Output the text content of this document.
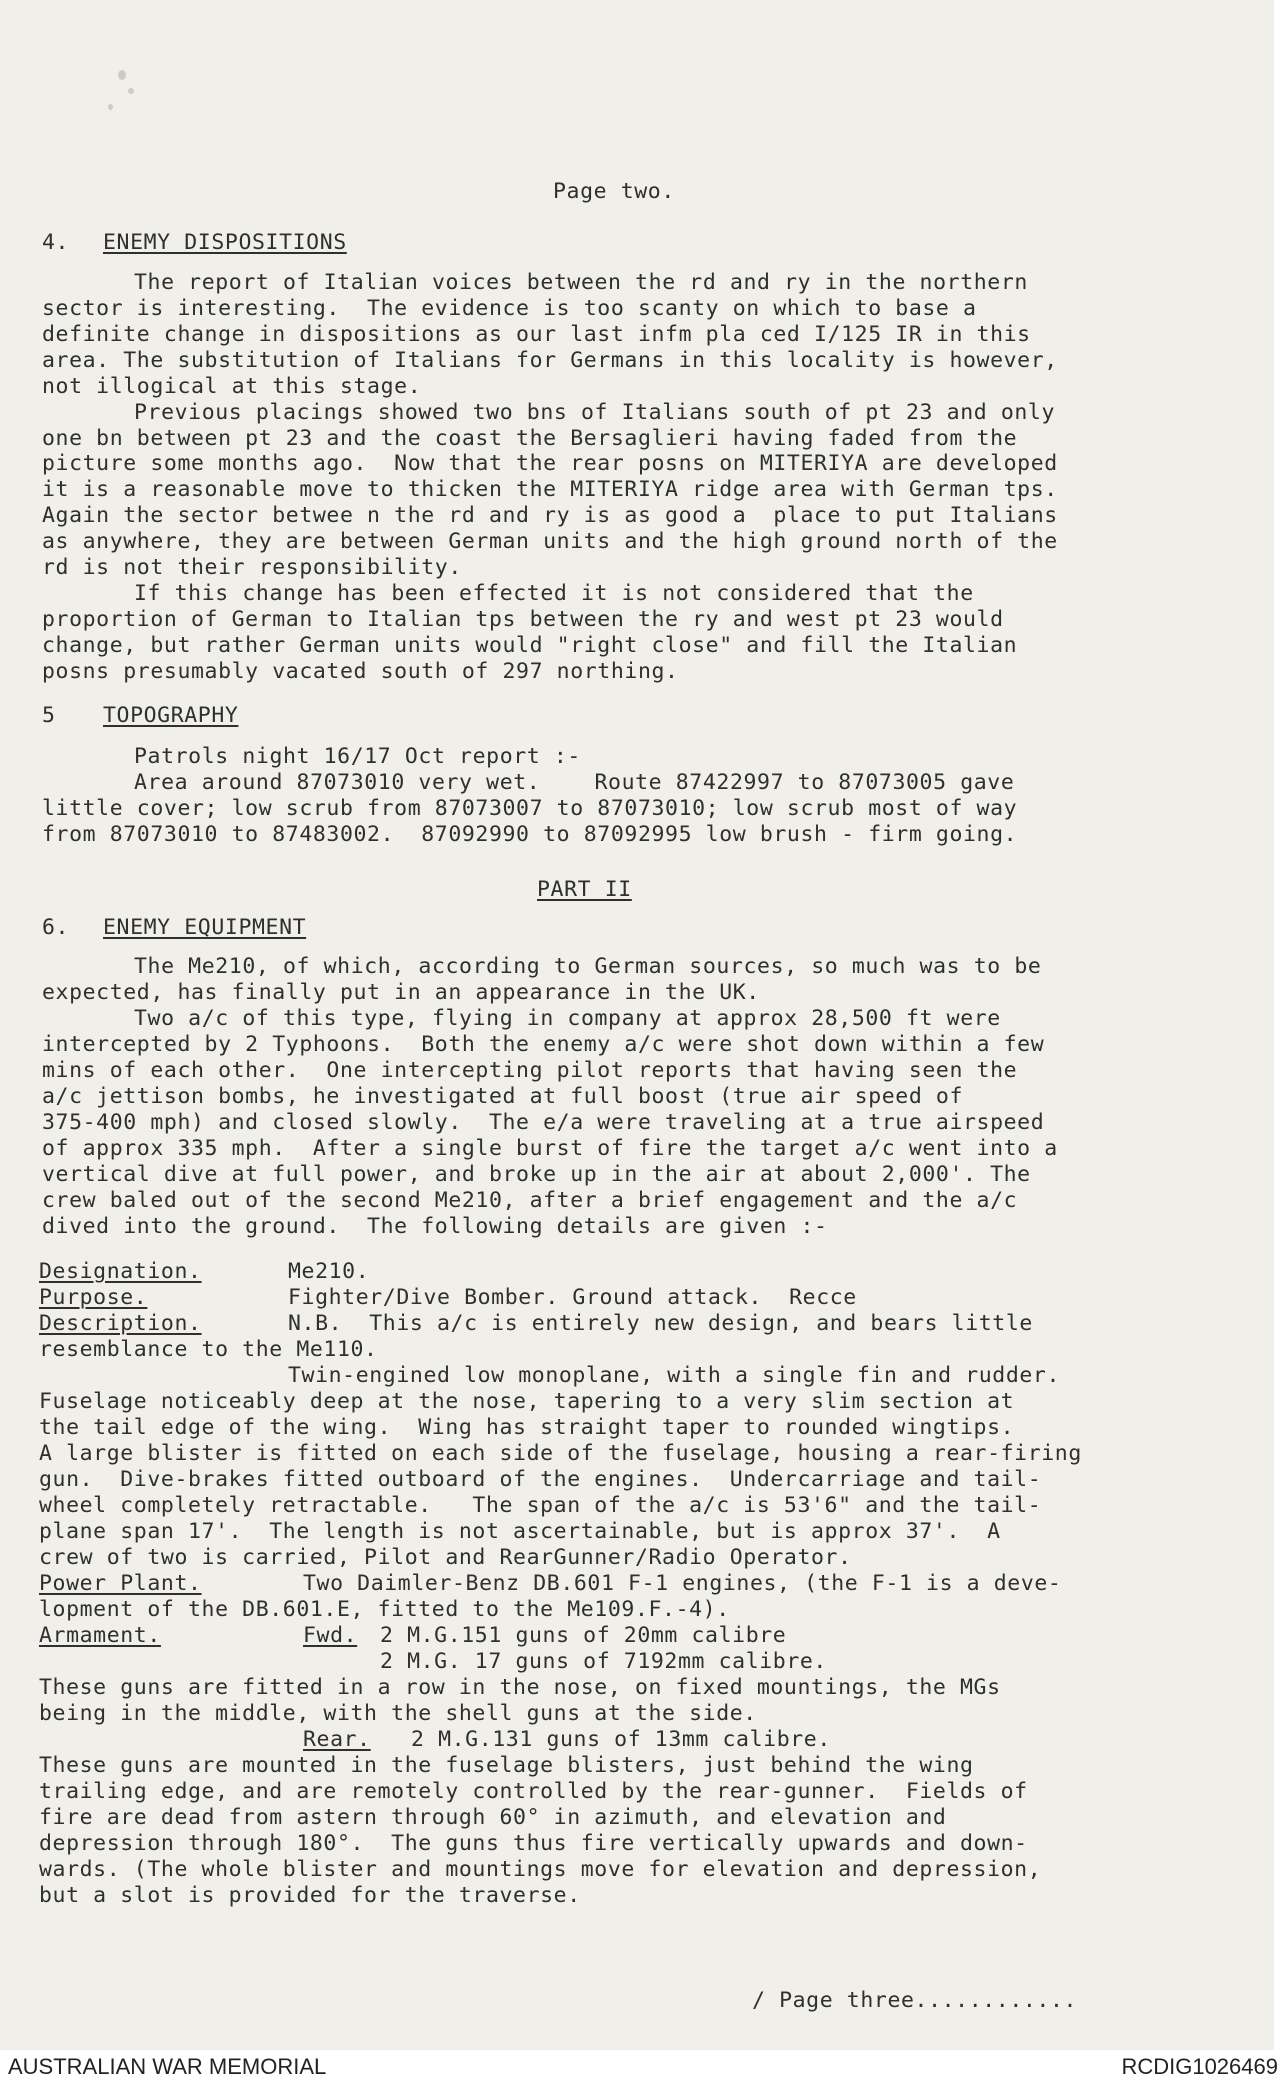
Page two.
4. ENEMY DISPOSITIONS
The report of Italian voices between the rd and ry in the northern
sector is interesting.  The evidence is too scanty on which to base a
definite change in dispositions as our last infm pla ced I/125 IR in this
area. The substitution of Italians for Germans in this locality is however,
not illogical at this stage.
Previous placings showed two bns of Italians south of pt 23 and only
one bn between pt 23 and the coast the Bersaglieri having faded from the
picture some months ago.  Now that the rear posns on MITERIYA are developed
it is a reasonable move to thicken the MITERIYA ridge area with German tps.
Again the sector betwee n the rd and ry is as good a  place to put Italians
as anywhere, they are between German units and the high ground north of the
rd is not their responsibility.
If this change has been effected it is not considered that the
proportion of German to Italian tps between the ry and west pt 23 would
change, but rather German units would "right close" and fill the Italian
posns presumably vacated south of 297 northing.
5 TOPOGRAPHY
Patrols night 16/17 Oct report :-
Area around 87073010 very wet.    Route 87422997 to 87073005 gave
little cover; low scrub from 87073007 to 87073010; low scrub most of way
from 87073010 to 87483002.  87092990 to 87092995 low brush - firm going.
PART II
6. ENEMY EQUIPMENT
The Me210, of which, according to German sources, so much was to be
expected, has finally put in an appearance in the UK.
Two a/c of this type, flying in company at approx 28,500 ft were
intercepted by 2 Typhoons.  Both the enemy a/c were shot down within a few
mins of each other.  One intercepting pilot reports that having seen the
a/c jettison bombs, he investigated at full boost (true air speed of
375-400 mph) and closed slowly.  The e/a were traveling at a true airspeed
of approx 335 mph.  After a single burst of fire the target a/c went into a
vertical dive at full power, and broke up in the air at about 2,000'. The
crew baled out of the second Me210, after a brief engagement and the a/c
dived into the ground.  The following details are given :-
Designation.	Me210.
Purpose.	Fighter/Dive Bomber. Ground attack.  Recce
Description.	N.B.  This a/c is entirely new design, and bears little
resemblance to the Me110.
Twin-engined low monoplane, with a single fin and rudder.
Fuselage noticeably deep at the nose, tapering to a very slim section at
the tail edge of the wing.  Wing has straight taper to rounded wingtips.
A large blister is fitted on each side of the fuselage, housing a rear-firing
gun.  Dive-brakes fitted outboard of the engines.  Undercarriage and tail-
wheel completely retractable.   The span of the a/c is 53'6" and the tail-
plane span 17'.  The length is not ascertainable, but is approx 37'.  A
crew of two is carried, Pilot and RearGunner/Radio Operator.
Power Plant.	Two Daimler-Benz DB.601 F-1 engines, (the F-1 is a deve-
lopment of the DB.601.E, fitted to the Me109.F.-4).
Armament.	Fwd. 2 M.G.151 guns of 20mm calibre
2 M.G. 17 guns of 7192mm calibre.
These guns are fitted in a row in the nose, on fixed mountings, the MGs
being in the middle, with the shell guns at the side.
Rear. 2 M.G.131 guns of 13mm calibre.
These guns are mounted in the fuselage blisters, just behind the wing
trailing edge, and are remotely controlled by the rear-gunner.  Fields of
fire are dead from astern through 60° in azimuth, and elevation and
depression through 180°.  The guns thus fire vertically upwards and down-
wards. (The whole blister and mountings move for elevation and depression,
but a slot is provided for the traverse.
/ Page three............
AUSTRALIAN WAR MEMORIAL	RCDIG1026469
